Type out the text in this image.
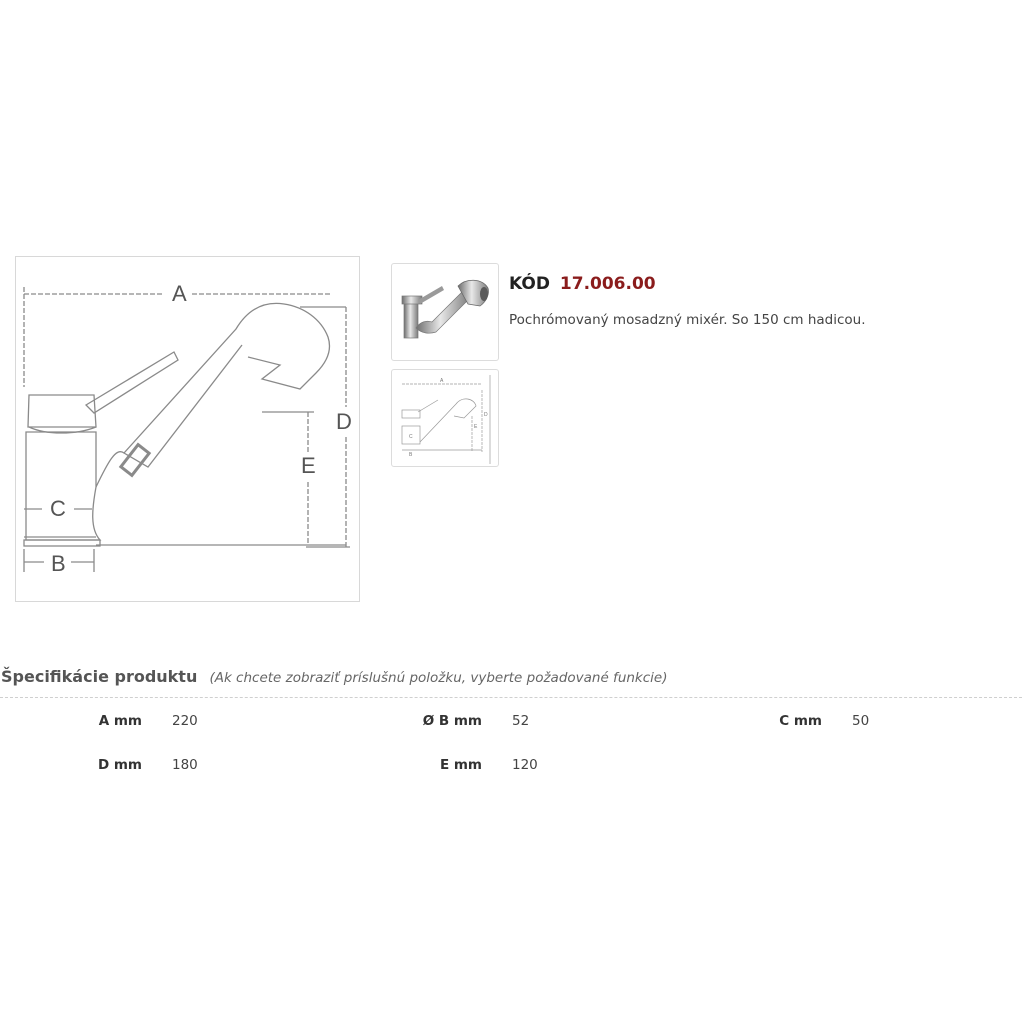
A
C
B
D
E
A
D
E
C
B
KÓD 17.006.00
Pochrómovaný mosadzný mixér. So 150 cm hadicou.
Špecifikácie produktu (Ak chcete zobraziť príslušnú položku, vyberte požadované funkcie)
A mm 220	Ø B mm 52	C mm 50
D mm 180	E mm 120
